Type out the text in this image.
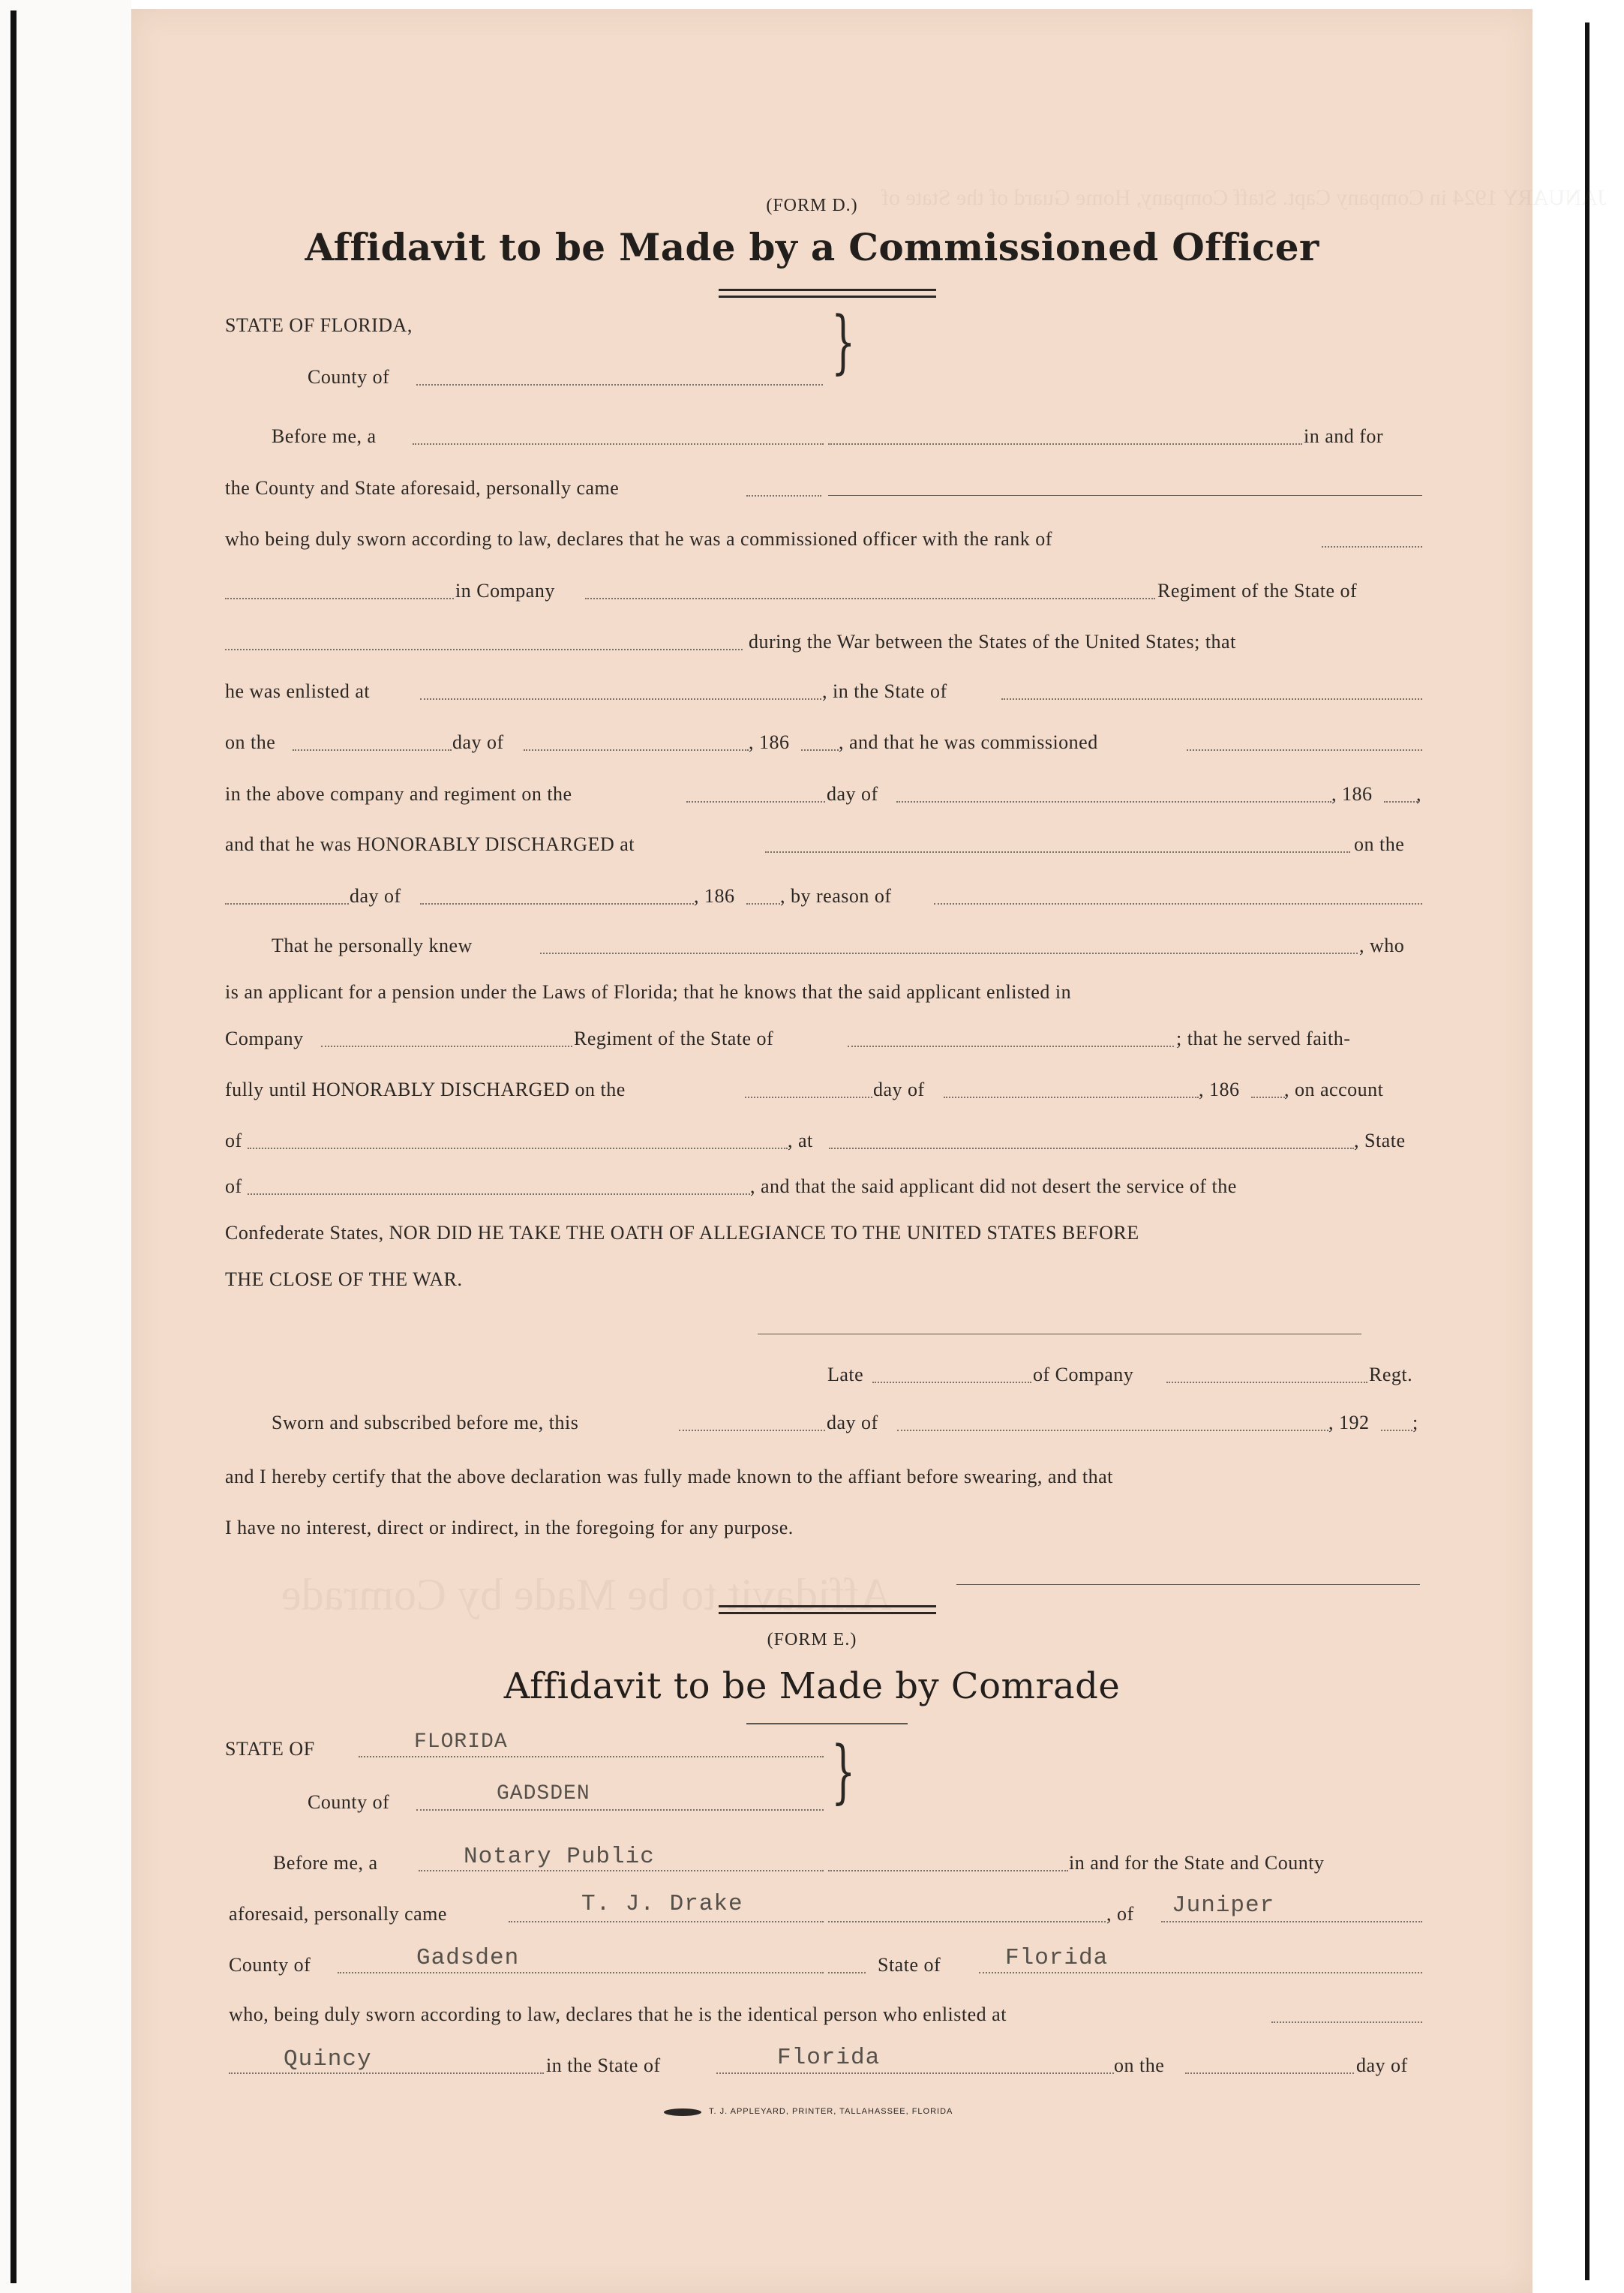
JANUARY 1924 in Company Capt. Staff Company, Home Guard of the State of
Affidavit to be Made by Comrade
(FORM D.)
Affidavit to be Made by a Commissioned Officer
STATE OF FLORIDA,
County of	}
Before me, a	in and for
the County and State aforesaid, personally came
who being duly sworn according to law, declares that he was a commissioned officer with the rank of
in Company	Regiment of the State of
during the War between the States of the United States; that
he was enlisted at	, in the State of
on the	day of	, 186	, and that he was commissioned
in the above company and regiment on the	day of	, 186 ,
and that he was HONORABLY DISCHARGED at	on the
day of	, 186 , by reason of
That he personally knew	, who
is an applicant for a pension under the Laws of Florida; that he knows that the said applicant enlisted in
Company	Regiment of the State of	; that he served faith-
fully until HONORABLY DISCHARGED on the	day of	, 186 , on account
of	, at	, State
of	, and that the said applicant did not desert the service of the
Confederate States, NOR DID HE TAKE THE OATH OF ALLEGIANCE TO THE UNITED STATES BEFORE
THE CLOSE OF THE WAR.
Late	of Company	Regt.
Sworn and subscribed before me, this	day of	, 192 ;
and I hereby certify that the above declaration was fully made known to the affiant before swearing, and that
I have no interest, direct or indirect, in the foregoing for any purpose.
(FORM E.)
Affidavit to be Made by Comrade
STATE OF	FLORIDA
County of	GADSDEN	}
Before me, a	Notary Public	in and for the State and County
aforesaid, personally came	T. J. Drake	, of Juniper
County of	Gadsden	State of	Florida
who, being duly sworn according to law, declares that he is the identical person who enlisted at
Quincy	in the State of	Florida	on the	day of
T. J. APPLEYARD, PRINTER, TALLAHASSEE, FLORIDA
